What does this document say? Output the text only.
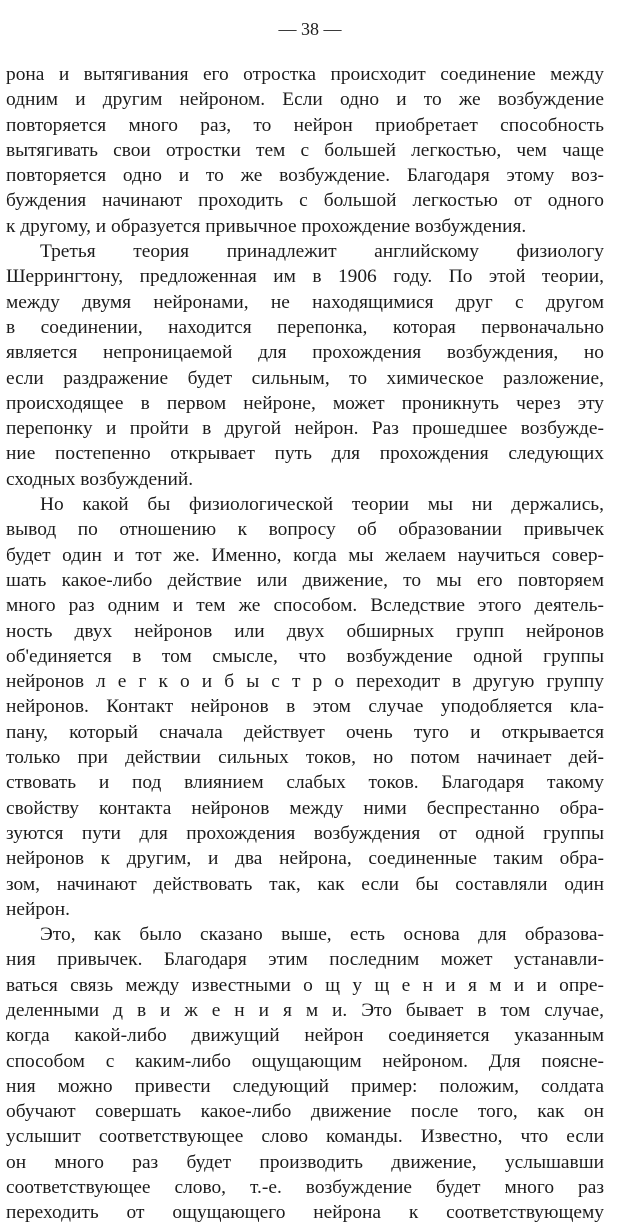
— 38 —
рона и вытягивания его отростка происходит соединение между
одним и другим нейроном. Если одно и то же возбуждение
повторяется много раз, то нейрон приобретает способность
вытягивать свои отростки тем с большей легкостью, чем чаще
повторяется одно и то же возбуждение. Благодаря этому воз-
буждения начинают проходить с большой легкостью от одного
к другому, и образуется привычное прохождение возбуждения.
Третья теория принадлежит английскому физиологу
Шеррингтону, предложенная им в 1906 году. По этой теории,
между двумя нейронами, не находящимися друг с другом
в соединении, находится перепонка, которая первоначально
является непроницаемой для прохождения возбуждения, но
если раздражение будет сильным, то химическое разложение,
происходящее в первом нейроне, может проникнуть через эту
перепонку и пройти в другой нейрон. Раз прошедшее возбужде-
ние постепенно открывает путь для прохождения следующих
сходных возбуждений.
Но какой бы физиологической теории мы ни держались,
вывод по отношению к вопросу об образовании привычек
будет один и тот же. Именно, когда мы желаем научиться совер-
шать какое-либо действие или движение, то мы его повторяем
много раз одним и тем же способом. Вследствие этого деятель-
ность двух нейронов или двух обширных групп нейронов
об'единяется в том смысле, что возбуждение одной группы
нейронов л е г к о и б ы с т р о переходит в другую группу
нейронов. Контакт нейронов в этом случае уподобляется кла-
пану, который сначала действует очень туго и открывается
только при действии сильных токов, но потом начинает дей-
ствовать и под влиянием слабых токов. Благодаря такому
свойству контакта нейронов между ними беспрестанно обра-
зуются пути для прохождения возбуждения от одной группы
нейронов к другим, и два нейрона, соединенные таким обра-
зом, начинают действовать так, как если бы составляли один
нейрон.
Это, как было сказано выше, есть основа для образова-
ния привычек. Благодаря этим последним может устанавли-
ваться связь между известными о щ у щ е н и я м и и опре-
деленными д в и ж е н и я м и. Это бывает в том случае,
когда какой-либо движущий нейрон соединяется указанным
способом с каким-либо ощущающим нейроном. Для поясне-
ния можно привести следующий пример: положим, солдата
обучают совершать какое-либо движение после того, как он
услышит соответствующее слово команды. Известно, что если
он много раз будет производить движение, услышавши
соответствующее слово, т.-е. возбуждение будет много раз
переходить от ощущающего нейрона к соответствующему
